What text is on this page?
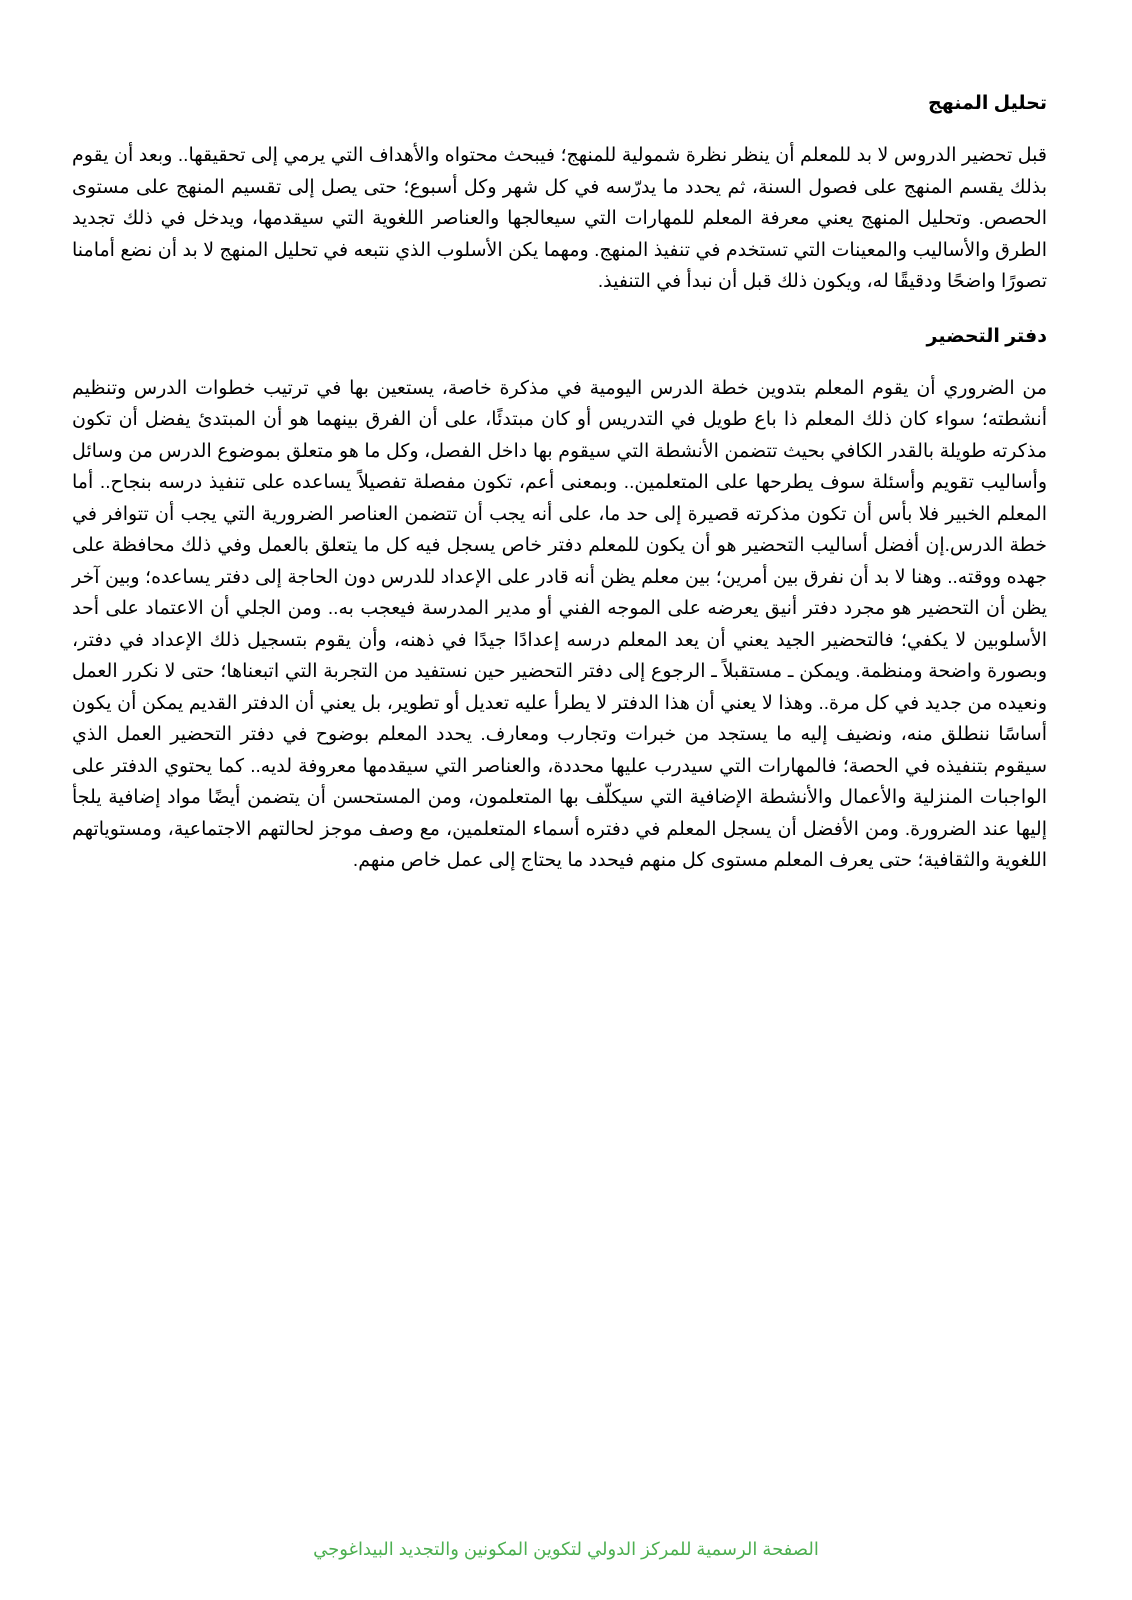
تحليل المنهج

قبل تحضير الدروس لا بد للمعلم أن ينظر نظرة شمولية للمنهج؛ فيبحث محتواه والأهداف التي يرمي إلى تحقيقها.. وبعد أن يقوم بذلك يقسم المنهج على فصول السنة، ثم يحدد ما يدرّسه في كل شهر وكل أسبوع؛ حتى يصل إلى تقسيم المنهج على مستوى الحصص. وتحليل المنهج يعني معرفة المعلم للمهارات التي سيعالجها والعناصر اللغوية التي سيقدمها، ويدخل في ذلك تجديد الطرق والأساليب والمعينات التي تستخدم في تنفيذ المنهج. ومهما يكن الأسلوب الذي نتبعه في تحليل المنهج لا بد أن نضع أمامنا تصورًا واضحًا ودقيقًا له، ويكون ذلك قبل أن نبدأ في التنفيذ.

دفتر التحضير

من الضروري أن يقوم المعلم بتدوين خطة الدرس اليومية في مذكرة خاصة، يستعين بها في ترتيب خطوات الدرس وتنظيم أنشطته؛ سواء كان ذلك المعلم ذا باع طويل في التدريس أو كان مبتدئًا، على أن الفرق بينهما هو أن المبتدئ يفضل أن تكون مذكرته طويلة بالقدر الكافي بحيث تتضمن الأنشطة التي سيقوم بها داخل الفصل، وكل ما هو متعلق بموضوع الدرس من وسائل وأساليب تقويم وأسئلة سوف يطرحها على المتعلمين.. وبمعنى أعم، تكون مفصلة تفصيلاً يساعده على تنفيذ درسه بنجاح.. أما المعلم الخبير فلا بأس أن تكون مذكرته قصيرة إلى حد ما، على أنه يجب أن تتضمن العناصر الضرورية التي يجب أن تتوافر في خطة الدرس.إن أفضل أساليب التحضير هو أن يكون للمعلم دفتر خاص يسجل فيه كل ما يتعلق بالعمل وفي ذلك محافظة على جهده ووقته.. وهنا لا بد أن نفرق بين أمرين؛ بين معلم يظن أنه قادر على الإعداد للدرس دون الحاجة إلى دفتر يساعده؛ وبين آخر يظن أن التحضير هو مجرد دفتر أنيق يعرضه على الموجه الفني أو مدير المدرسة فيعجب به.. ومن الجلي أن الاعتماد على أحد الأسلوبين لا يكفي؛ فالتحضير الجيد يعني أن يعد المعلم درسه إعدادًا جيدًا في ذهنه، وأن يقوم بتسجيل ذلك الإعداد في دفتر، وبصورة واضحة ومنظمة. ويمكن ـ مستقبلاً ـ الرجوع إلى دفتر التحضير حين نستفيد من التجربة التي اتبعناها؛ حتى لا نكرر العمل ونعيده من جديد في كل مرة.. وهذا لا يعني أن هذا الدفتر لا يطرأ عليه تعديل أو تطوير، بل يعني أن الدفتر القديم يمكن أن يكون أساسًا ننطلق منه، ونضيف إليه ما يستجد من خبرات وتجارب ومعارف. يحدد المعلم بوضوح في دفتر التحضير العمل الذي سيقوم بتنفيذه في الحصة؛ فالمهارات التي سيدرب عليها محددة، والعناصر التي سيقدمها معروفة لديه.. كما يحتوي الدفتر على الواجبات المنزلية والأعمال والأنشطة الإضافية التي سيكلّف بها المتعلمون، ومن المستحسن أن يتضمن أيضًا مواد إضافية يلجأ إليها عند الضرورة. ومن الأفضل أن يسجل المعلم في دفتره أسماء المتعلمين، مع وصف موجز لحالتهم الاجتماعية، ومستوياتهم اللغوية والثقافية؛ حتى يعرف المعلم مستوى كل منهم فيحدد ما يحتاج إلى عمل خاص منهم.

الصفحة الرسمية للمركز الدولي لتكوين المكونين والتجديد البيداغوجي
